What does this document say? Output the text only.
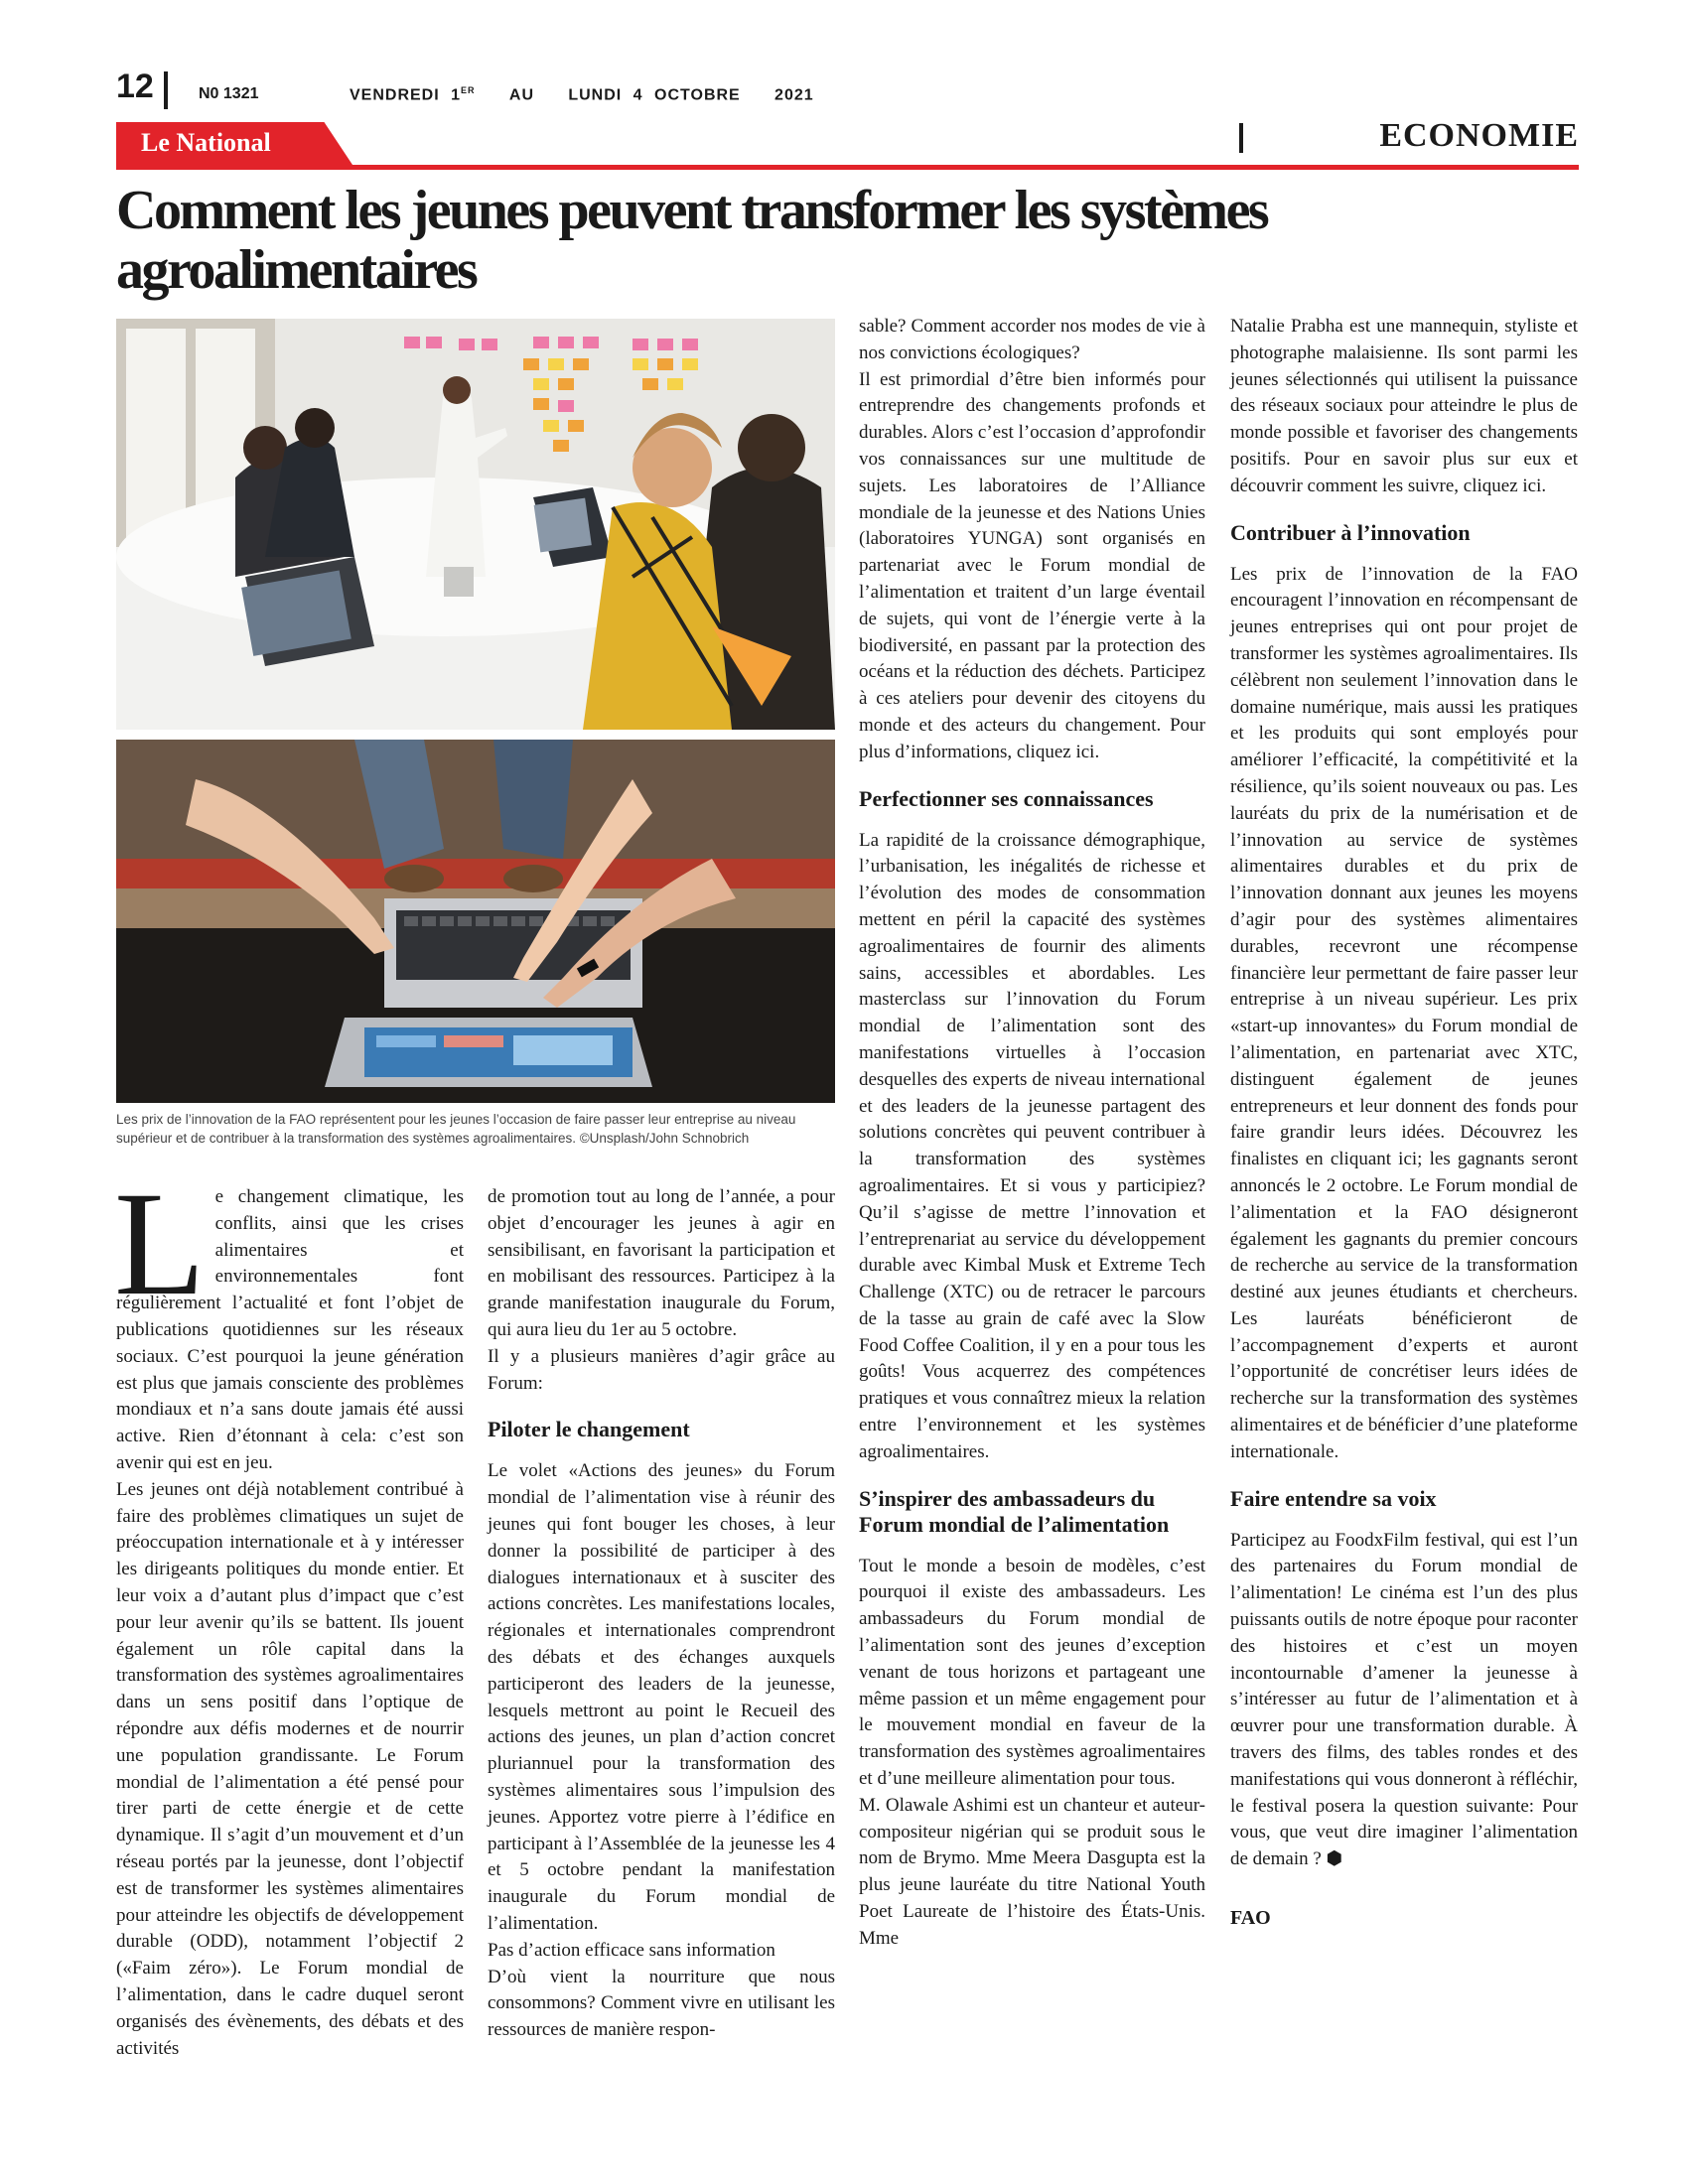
12	N0 1321	VENDREDI 1ER AU   LUNDI 4 OCTOBRE   2021
Le National	ECONOMIE
Comment les jeunes peuvent transformer les systèmes agroalimentaires
Les prix de l’innovation de la FAO représentent pour les jeunes l’occasion de faire passer leur entreprise au niveau supérieur et de contribuer à la transformation des systèmes agroalimentaires. ©Unsplash/John Schnobrich

Le changement climatique, les conflits, ainsi que les crises alimentaires et environnementales font régulièrement l’actualité et font l’objet de publications quotidiennes sur les réseaux sociaux. C’est pourquoi la jeune génération est plus que jamais consciente des problèmes mondiaux et n’a sans doute jamais été aussi active. Rien d’étonnant à cela: c’est son avenir qui est en jeu.

Les jeunes ont déjà notablement contribué à faire des problèmes climatiques un sujet de préoccupation internationale et à y intéresser les dirigeants politiques du monde entier. Et leur voix a d’autant plus d’impact que c’est pour leur avenir qu’ils se battent. Ils jouent également un rôle capital dans la transformation des systèmes agroalimentaires dans un sens positif dans l’optique de répondre aux défis modernes et de nourrir une population grandissante. Le Forum mondial de l’alimentation a été pensé pour tirer parti de cette énergie et de cette dynamique. Il s’agit d’un mouvement et d’un réseau portés par la jeunesse, dont l’objectif est de transformer les systèmes alimentaires pour atteindre les objectifs de développement durable (ODD), notamment l’objectif 2 («Faim zéro»). Le Forum mondial de l’alimentation, dans le cadre duquel seront organisés des évènements, des débats et des activités

de promotion tout au long de l’année, a pour objet d’encourager les jeunes à agir en sensibilisant, en favorisant la participation et en mobilisant des ressources. Participez à la grande manifestation inaugurale du Forum, qui aura lieu du 1er au 5 octobre.

Il y a plusieurs manières d’agir grâce au Forum:

Piloter le changement

Le volet «Actions des jeunes» du Forum mondial de l’alimentation vise à réunir des jeunes qui font bouger les choses, à leur donner la possibilité de participer à des dialogues internationaux et à susciter des actions concrètes. Les manifestations locales, régionales et internationales comprendront des débats et des échanges auxquels participeront des leaders de la jeunesse, lesquels mettront au point le Recueil des actions des jeunes, un plan d’action concret pluriannuel pour la transformation des systèmes alimentaires sous l’impulsion des jeunes. Apportez votre pierre à l’édifice en participant à l’Assemblée de la jeunesse les 4 et 5 octobre pendant la manifestation inaugurale du Forum mondial de l’alimentation.

Pas d’action efficace sans information

D’où vient la nourriture que nous consommons? Comment vivre en utilisant les ressources de manière respon-

sable? Comment accorder nos modes de vie à nos convictions écologiques?

Il est primordial d’être bien informés pour entreprendre des changements profonds et durables. Alors c’est l’occasion d’approfondir vos connaissances sur une multitude de sujets. Les laboratoires de l’Alliance mondiale de la jeunesse et des Nations Unies (laboratoires YUNGA) sont organisés en partenariat avec le Forum mondial de l’alimentation et traitent d’un large éventail de sujets, qui vont de l’énergie verte à la biodiversité, en passant par la protection des océans et la réduction des déchets. Participez à ces ateliers pour devenir des citoyens du monde et des acteurs du changement. Pour plus d’informations, cliquez ici.

Perfectionner ses connaissances

La rapidité de la croissance démographique, l’urbanisation, les inégalités de richesse et l’évolution des modes de consommation mettent en péril la capacité des systèmes agroalimentaires de fournir des aliments sains, accessibles et abordables. Les masterclass sur l’innovation du Forum mondial de l’alimentation sont des manifestations virtuelles à l’occasion desquelles des experts de niveau international et des leaders de la jeunesse partagent des solutions concrètes qui peuvent contribuer à la transformation des systèmes agroalimentaires. Et si vous y participiez? Qu’il s’agisse de mettre l’innovation et l’entreprenariat au service du développement durable avec Kimbal Musk et Extreme Tech Challenge (XTC) ou de retracer le parcours de la tasse au grain de café avec la Slow Food Coffee Coalition, il y en a pour tous les goûts! Vous acquerrez des compétences pratiques et vous connaîtrez mieux la relation entre l’environnement et les systèmes agroalimentaires.

S’inspirer des ambassadeurs du Forum mondial de l’alimentation

Tout le monde a besoin de modèles, c’est pourquoi il existe des ambassadeurs. Les ambassadeurs du Forum mondial de l’alimentation sont des jeunes d’exception venant de tous horizons et partageant une même passion et un même engagement pour le mouvement mondial en faveur de la transformation des systèmes agroalimentaires et d’une meilleure alimentation pour tous.

M. Olawale Ashimi est un chanteur et auteur-compositeur nigérian qui se produit sous le nom de Brymo. Mme Meera Dasgupta est la plus jeune lauréate du titre National Youth Poet Laureate de l’histoire des États-Unis. Mme

Natalie Prabha est une mannequin, styliste et photographe malaisienne. Ils sont parmi les jeunes sélectionnés qui utilisent la puissance des réseaux sociaux pour atteindre le plus de monde possible et favoriser des changements positifs. Pour en savoir plus sur eux et découvrir comment les suivre, cliquez ici.

Contribuer à l’innovation

Les prix de l’innovation de la FAO encouragent l’innovation en récompensant de jeunes entreprises qui ont pour projet de transformer les systèmes agroalimentaires. Ils célèbrent non seulement l’innovation dans le domaine numérique, mais aussi les pratiques et les produits qui sont employés pour améliorer l’efficacité, la compétitivité et la résilience, qu’ils soient nouveaux ou pas. Les lauréats du prix de la numérisation et de l’innovation au service de systèmes alimentaires durables et du prix de l’innovation donnant aux jeunes les moyens d’agir pour des systèmes alimentaires durables, recevront une récompense financière leur permettant de faire passer leur entreprise à un niveau supérieur. Les prix «start-up innovantes» du Forum mondial de l’alimentation, en partenariat avec XTC, distinguent également de jeunes entrepreneurs et leur donnent des fonds pour faire grandir leurs idées. Découvrez les finalistes en cliquant ici; les gagnants seront annoncés le 2 octobre. Le Forum mondial de l’alimentation et la FAO désigneront également les gagnants du premier concours de recherche au service de la transformation destiné aux jeunes étudiants et chercheurs. Les lauréats bénéficieront de l’accompagnement d’experts et auront l’opportunité de concrétiser leurs idées de recherche sur la transformation des systèmes alimentaires et de bénéficier d’une plateforme internationale.

Faire entendre sa voix

Participez au FoodxFilm festival, qui est l’un des partenaires du Forum mondial de l’alimentation! Le cinéma est l’un des plus puissants outils de notre époque pour raconter des histoires et c’est un moyen incontournable d’amener la jeunesse à s’intéresser au futur de l’alimentation et à œuvrer pour une transformation durable. À travers des films, des tables rondes et des manifestations qui vous donneront à réfléchir, le festival posera la question suivante: Pour vous, que veut dire imaginer l’alimentation de demain ? ⬢

FAO
